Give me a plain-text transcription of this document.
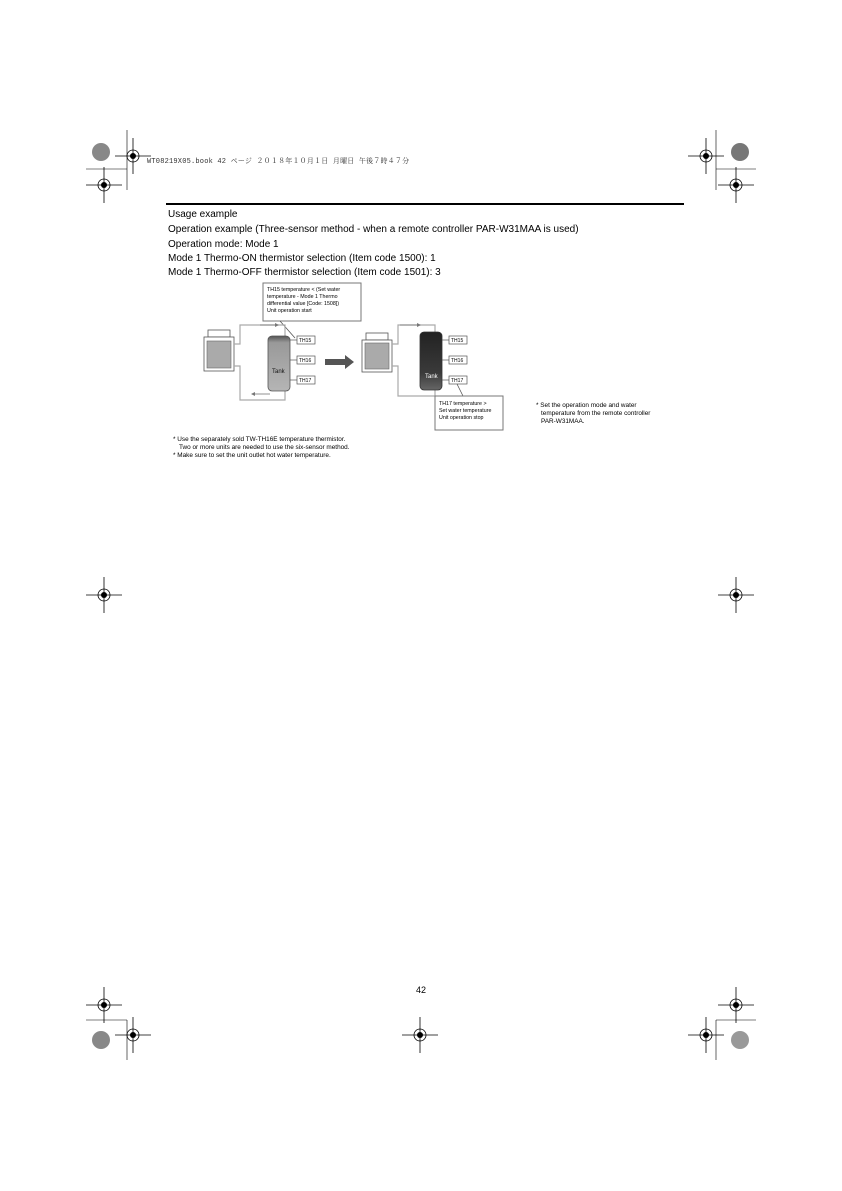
WT08219X05.book 42 ページ ２０１８年１０月１日 月曜日 午後７時４７分
Usage example
Operation example (Three-sensor method - when a remote controller PAR-W31MAA is used)
Operation mode: Mode 1
Mode 1 Thermo-ON thermistor selection (Item code 1500): 1
Mode 1 Thermo-OFF thermistor selection (Item code 1501): 3
TH15 temperature < (Set water
temperature - Mode 1 Thermo
differential value [Code: 1508])
Unit operation start
Tank
TH15
TH16
TH17
Tank
TH15
TH16
TH17
TH17 temperature >
Set water temperature
Unit operation stop
* Set the operation mode and water
temperature from the remote controller
PAR-W31MAA.
* Use the separately sold TW-TH16E temperature thermistor.
Two or more units are needed to use the six-sensor method.
* Make sure to set the unit outlet hot water temperature.
42
